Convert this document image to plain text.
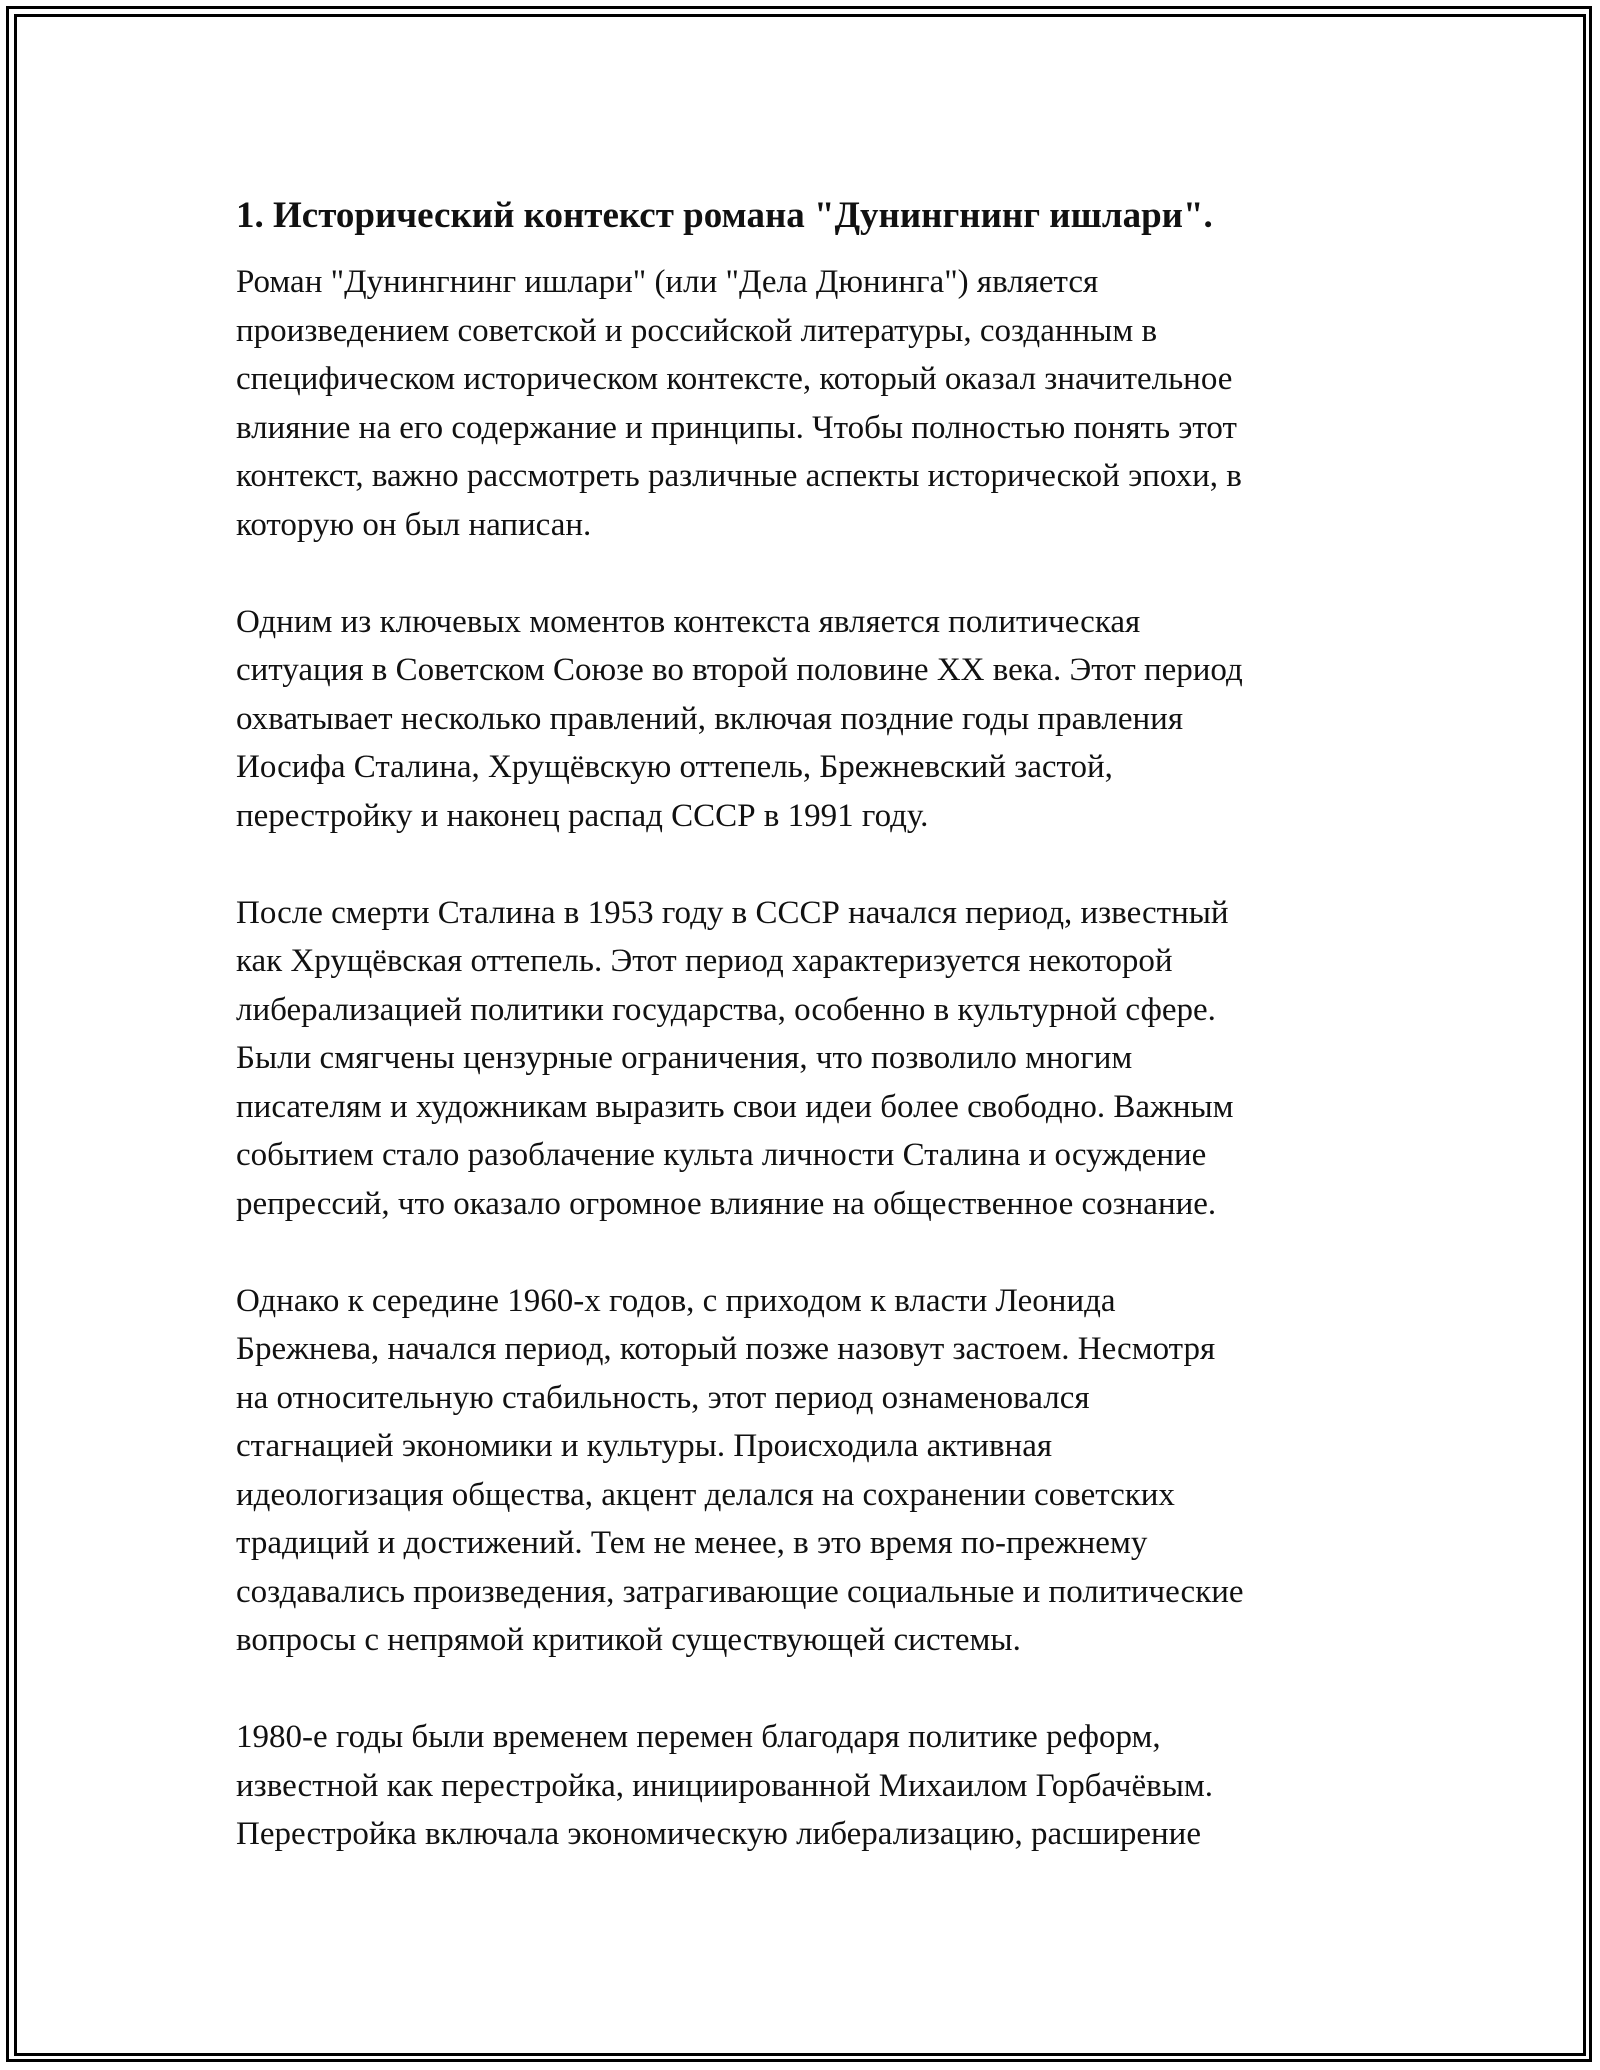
1. Исторический контекст романа "Дунингнинг ишлари".
Роман "Дунингнинг ишлари" (или "Дела Дюнинга") является
произведением советской и российской литературы, созданным в
специфическом историческом контексте, который оказал значительное
влияние на его содержание и принципы. Чтобы полностью понять этот
контекст, важно рассмотреть различные аспекты исторической эпохи, в
которую он был написан.
Одним из ключевых моментов контекста является политическая
ситуация в Советском Союзе во второй половине XX века. Этот период
охватывает несколько правлений, включая поздние годы правления
Иосифа Сталина, Хрущёвскую оттепель, Брежневский застой,
перестройку и наконец распад СССР в 1991 году.
После смерти Сталина в 1953 году в СССР начался период, известный
как Хрущёвская оттепель. Этот период характеризуется некоторой
либерализацией политики государства, особенно в культурной сфере.
Были смягчены цензурные ограничения, что позволило многим
писателям и художникам выразить свои идеи более свободно. Важным
событием стало разоблачение культа личности Сталина и осуждение
репрессий, что оказало огромное влияние на общественное сознание.
Однако к середине 1960-х годов, с приходом к власти Леонида
Брежнева, начался период, который позже назовут застоем. Несмотря
на относительную стабильность, этот период ознаменовался
стагнацией экономики и культуры. Происходила активная
идеологизация общества, акцент делался на сохранении советских
традиций и достижений. Тем не менее, в это время по-прежнему
создавались произведения, затрагивающие социальные и политические
вопросы с непрямой критикой существующей системы.
1980-е годы были временем перемен благодаря политике реформ,
известной как перестройка, инициированной Михаилом Горбачёвым.
Перестройка включала экономическую либерализацию, расширение
